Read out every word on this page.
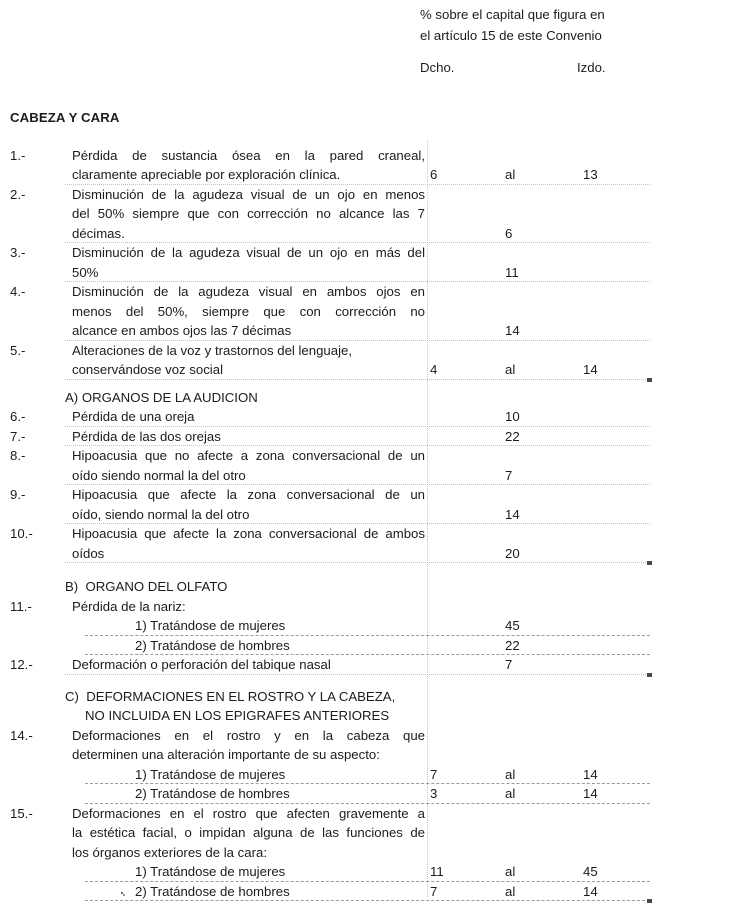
% sobre el capital que figura en
el artículo 15 de este Convenio
Dcho.	Izdo.
CABEZA Y CARA
1.-	Pérdida de sustancia ósea en la pared craneal,
claramente apreciable por exploración clínica.	6	al	13
2.-	Disminución de la agudeza visual de un ojo en menos
del 50% siempre que con corrección no alcance las 7
décimas.	6
3.-	Disminución de la agudeza visual de un ojo en más del
50%	11
4.-	Disminución de la agudeza visual en ambos ojos en
menos del 50%, siempre que con corrección no
alcance en ambos ojos las 7 décimas	14
5.-	Alteraciones de la voz y trastornos del lenguaje,
conservándose voz social	4	al	14
A) ORGANOS DE LA AUDICION
6.-	Pérdida de una oreja	10
7.-	Pérdida de las dos orejas	22
8.-	Hipoacusia que no afecte a zona conversacional de un
oído siendo normal la del otro	7
9.-	Hipoacusia que afecte la zona conversacional de un
oído, siendo normal la del otro	14
10.-	Hipoacusia que afecte la zona conversacional de ambos
oídos	20
B)  ORGANO DEL OLFATO
11.-	Pérdida de la nariz:
1) Tratándose de mujeres	45
2) Tratándose de hombres	22
12.-	Deformación o perforación del tabique nasal	7
C)  DEFORMACIONES EN EL ROSTRO Y LA CABEZA,
NO INCLUIDA EN LOS EPIGRAFES ANTERIORES
14.-	Deformaciones en el rostro y en la cabeza que
determinen una alteración importante de su aspecto:
1) Tratándose de mujeres	7	al	14
2) Tratándose de hombres	3	al	14
15.-	Deformaciones en el rostro que afecten gravemente a
la estética facial, o impidan alguna de las funciones de
los órganos exteriores de la cara:
1) Tratándose de mujeres	11	al	45
2) Tratándose de hombres	7	al	14
